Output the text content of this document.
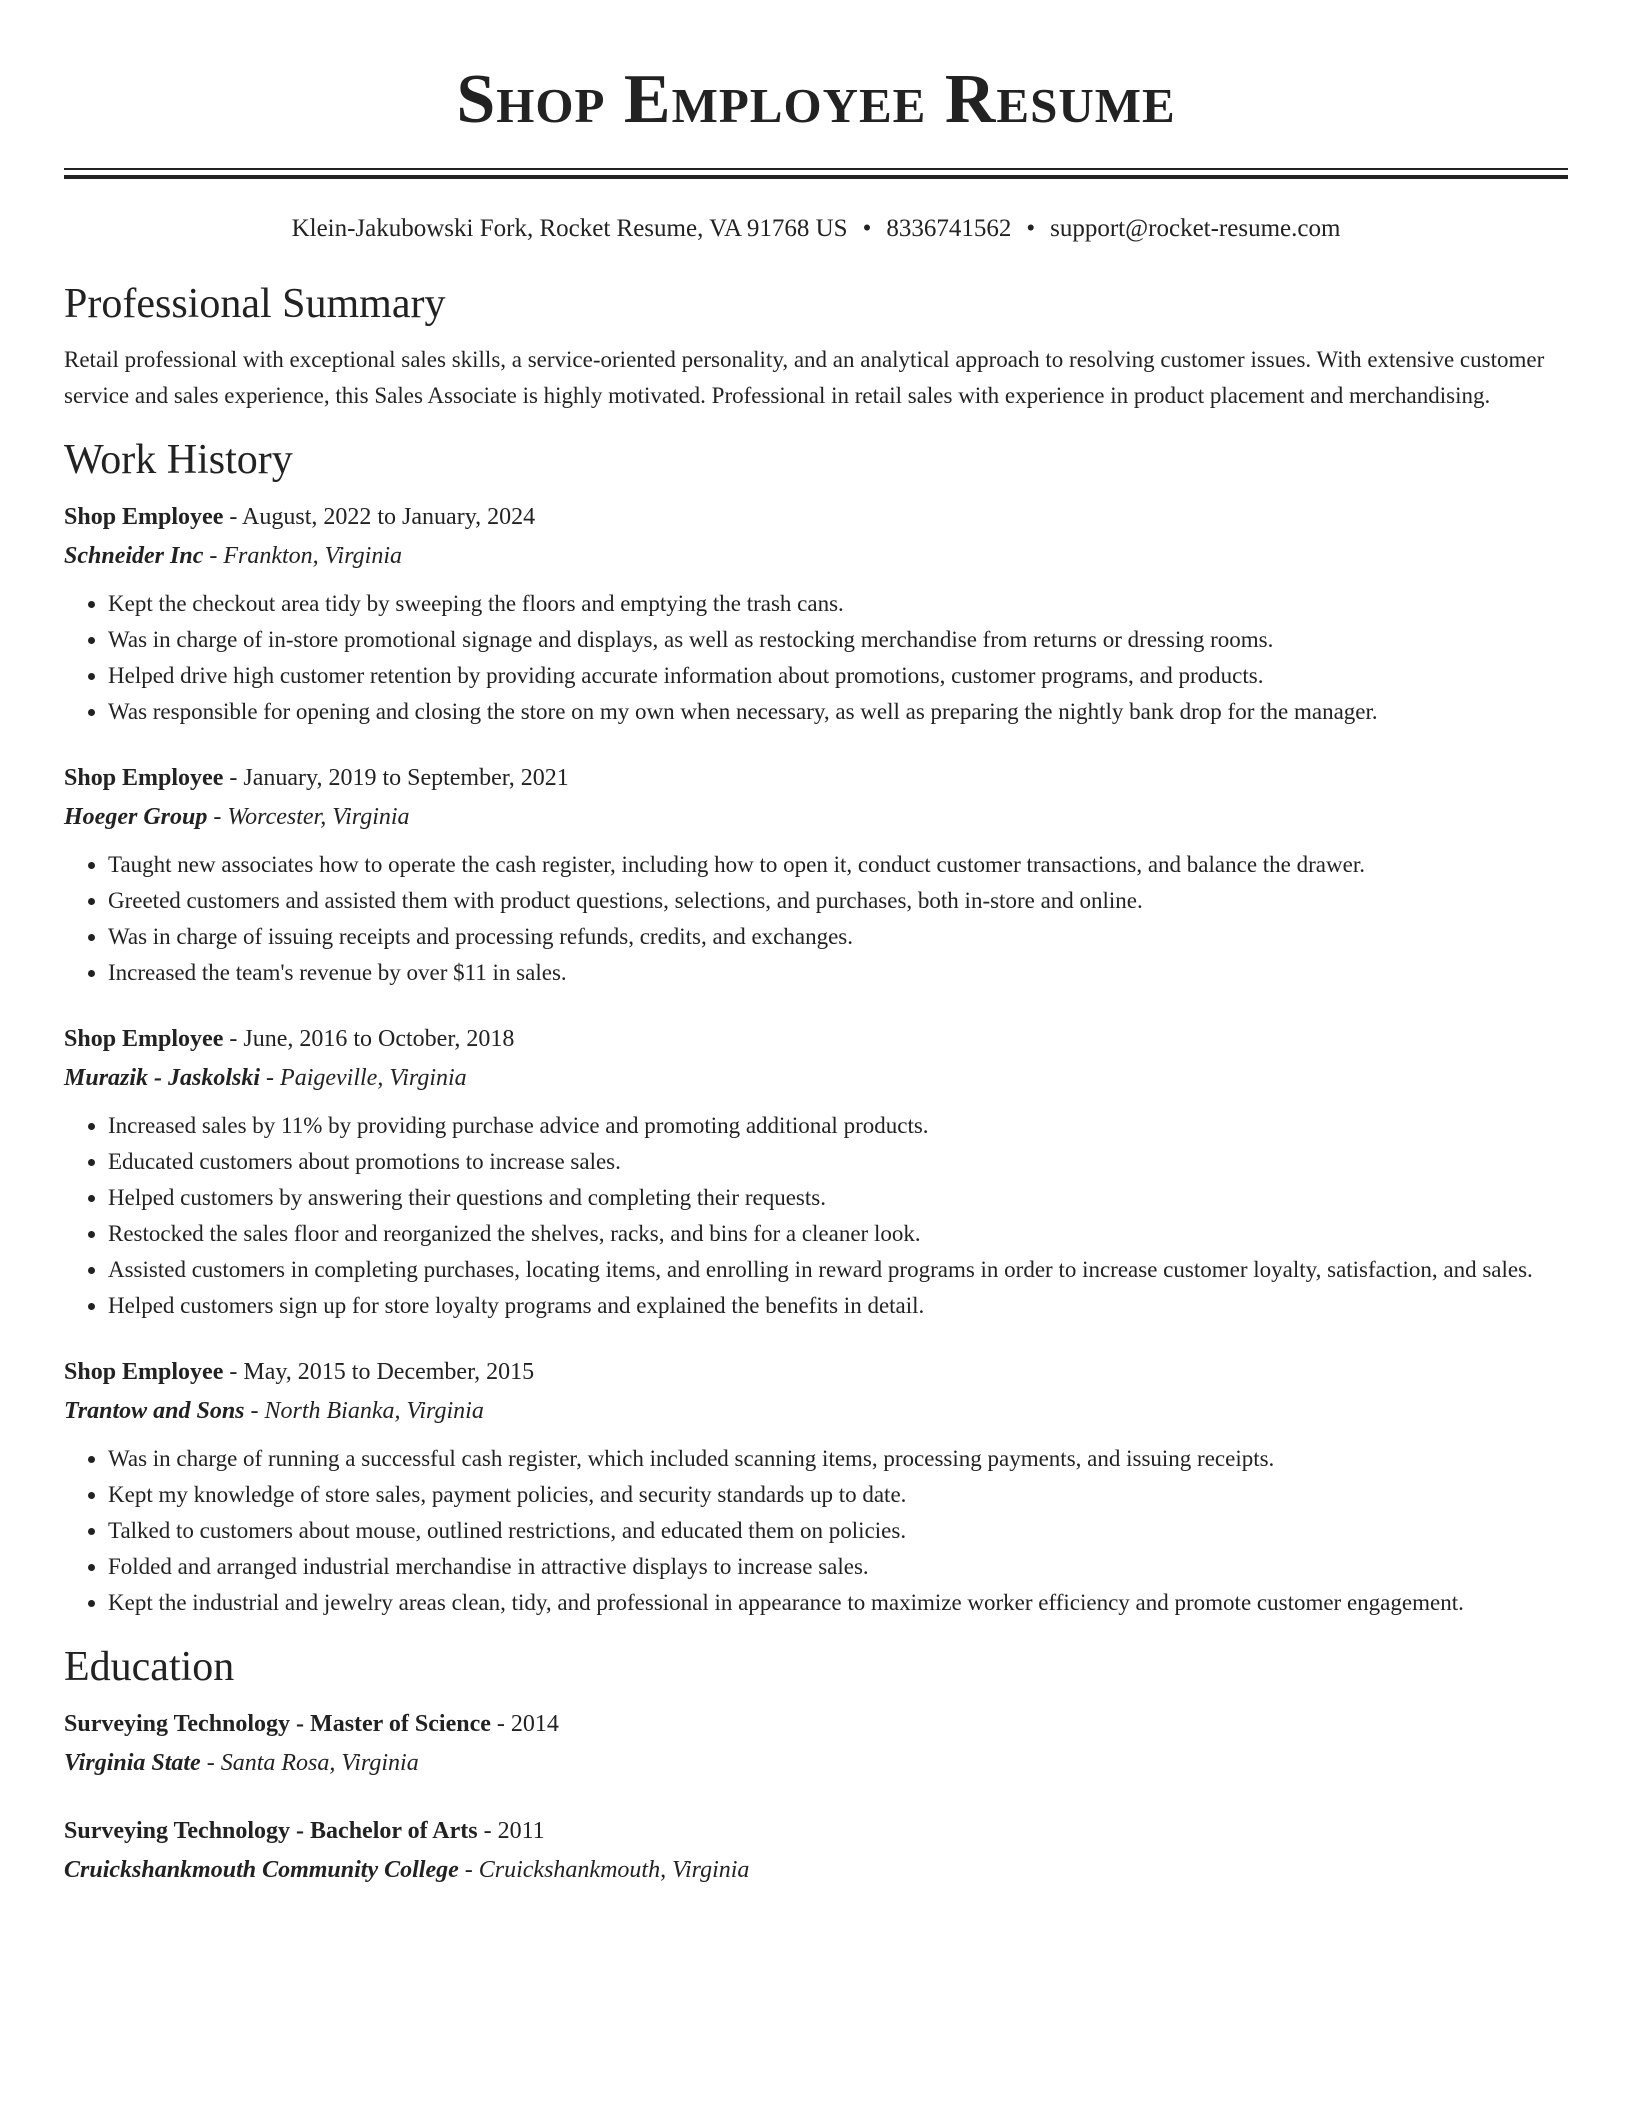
Shop Employee Resume
Klein-Jakubowski Fork, Rocket Resume, VA 91768 US • 8336741562 • support@rocket-resume.com
Professional Summary
Retail professional with exceptional sales skills, a service-oriented personality, and an analytical approach to resolving customer issues. With extensive customer service and sales experience, this Sales Associate is highly motivated. Professional in retail sales with experience in product placement and merchandising.
Work History
Shop Employee - August, 2022 to January, 2024
Schneider Inc - Frankton, Virginia
• Kept the checkout area tidy by sweeping the floors and emptying the trash cans.
• Was in charge of in-store promotional signage and displays, as well as restocking merchandise from returns or dressing rooms.
• Helped drive high customer retention by providing accurate information about promotions, customer programs, and products.
• Was responsible for opening and closing the store on my own when necessary, as well as preparing the nightly bank drop for the manager.
Shop Employee - January, 2019 to September, 2021
Hoeger Group - Worcester, Virginia
• Taught new associates how to operate the cash register, including how to open it, conduct customer transactions, and balance the drawer.
• Greeted customers and assisted them with product questions, selections, and purchases, both in-store and online.
• Was in charge of issuing receipts and processing refunds, credits, and exchanges.
• Increased the team's revenue by over $11 in sales.
Shop Employee - June, 2016 to October, 2018
Murazik - Jaskolski - Paigeville, Virginia
• Increased sales by 11% by providing purchase advice and promoting additional products.
• Educated customers about promotions to increase sales.
• Helped customers by answering their questions and completing their requests.
• Restocked the sales floor and reorganized the shelves, racks, and bins for a cleaner look.
• Assisted customers in completing purchases, locating items, and enrolling in reward programs in order to increase customer loyalty, satisfaction, and sales.
• Helped customers sign up for store loyalty programs and explained the benefits in detail.
Shop Employee - May, 2015 to December, 2015
Trantow and Sons - North Bianka, Virginia
• Was in charge of running a successful cash register, which included scanning items, processing payments, and issuing receipts.
• Kept my knowledge of store sales, payment policies, and security standards up to date.
• Talked to customers about mouse, outlined restrictions, and educated them on policies.
• Folded and arranged industrial merchandise in attractive displays to increase sales.
• Kept the industrial and jewelry areas clean, tidy, and professional in appearance to maximize worker efficiency and promote customer engagement.
Education
Surveying Technology - Master of Science - 2014
Virginia State - Santa Rosa, Virginia
Surveying Technology - Bachelor of Arts - 2011
Cruickshankmouth Community College - Cruickshankmouth, Virginia
